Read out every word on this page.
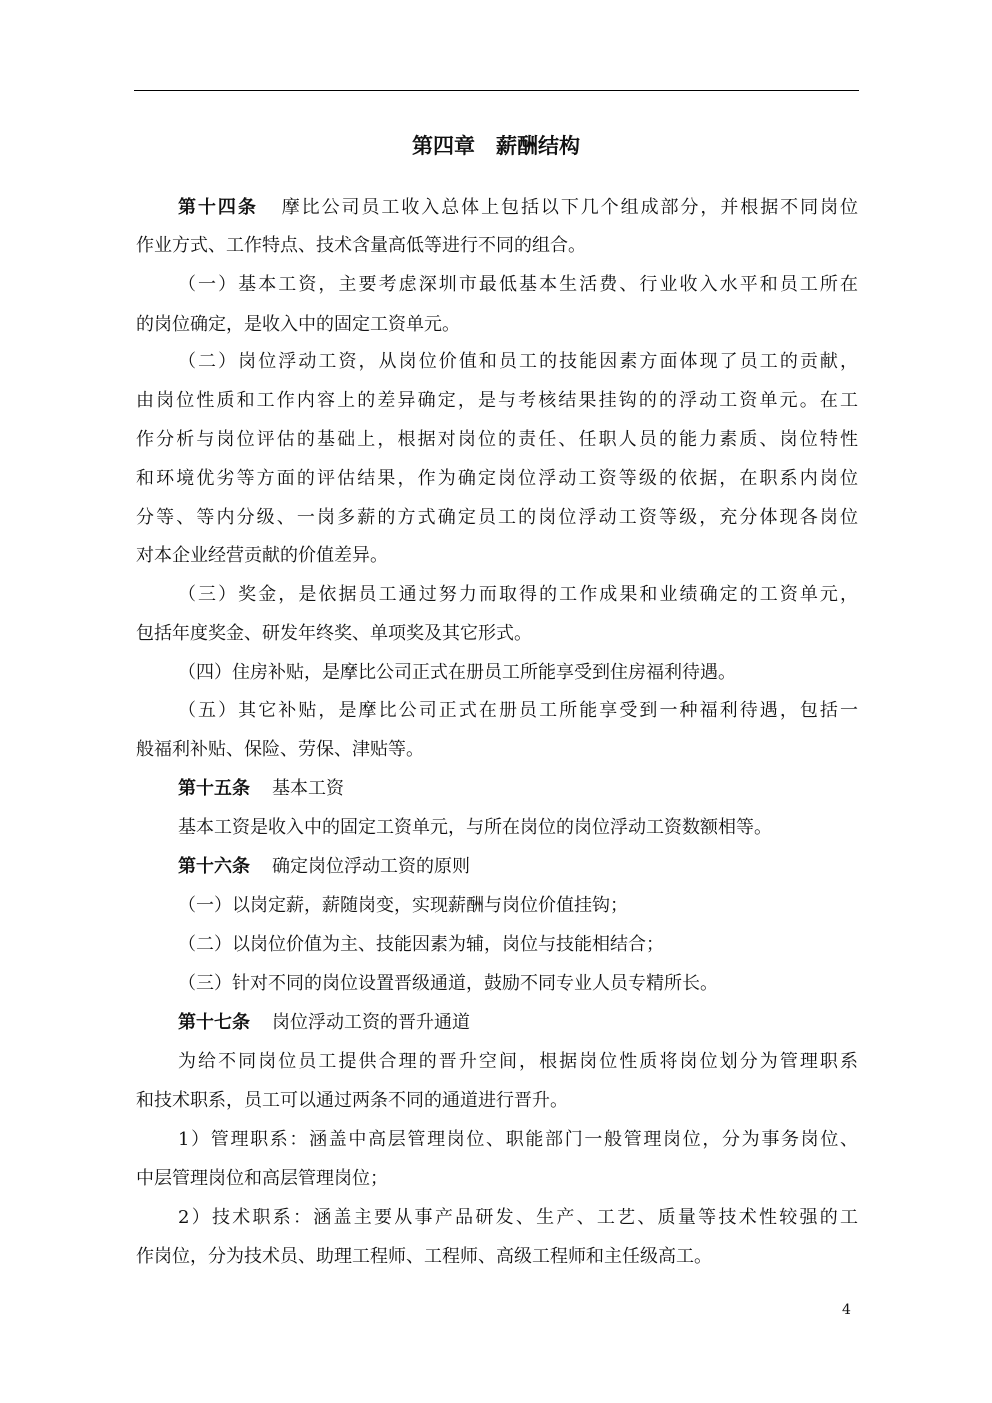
第四章　薪酬结构
第十四条 摩比公司员工收入总体上包括以下几个组成部分，并根据不同岗位
作业方式、工作特点、技术含量高低等进行不同的组合。
（一）基本工资，主要考虑深圳市最低基本生活费、行业收入水平和员工所在
的岗位确定，是收入中的固定工资单元。
（二）岗位浮动工资，从岗位价值和员工的技能因素方面体现了员工的贡献，
由岗位性质和工作内容上的差异确定，是与考核结果挂钩的的浮动工资单元。在工
作分析与岗位评估的基础上，根据对岗位的责任、任职人员的能力素质、岗位特性
和环境优劣等方面的评估结果，作为确定岗位浮动工资等级的依据，在职系内岗位
分等、等内分级、一岗多薪的方式确定员工的岗位浮动工资等级，充分体现各岗位
对本企业经营贡献的价值差异。
（三）奖金，是依据员工通过努力而取得的工作成果和业绩确定的工资单元，
包括年度奖金、研发年终奖、单项奖及其它形式。
（四）住房补贴，是摩比公司正式在册员工所能享受到住房福利待遇。
（五）其它补贴，是摩比公司正式在册员工所能享受到一种福利待遇，包括一
般福利补贴、保险、劳保、津贴等。
第十五条 基本工资
基本工资是收入中的固定工资单元，与所在岗位的岗位浮动工资数额相等。
第十六条 确定岗位浮动工资的原则
（一）以岗定薪，薪随岗变，实现薪酬与岗位价值挂钩；
（二）以岗位价值为主、技能因素为辅，岗位与技能相结合；
（三）针对不同的岗位设置晋级通道，鼓励不同专业人员专精所长。
第十七条 岗位浮动工资的晋升通道
为给不同岗位员工提供合理的晋升空间，根据岗位性质将岗位划分为管理职系
和技术职系，员工可以通过两条不同的通道进行晋升。
1）管理职系：涵盖中高层管理岗位、职能部门一般管理岗位，分为事务岗位、
中层管理岗位和高层管理岗位；
2）技术职系：涵盖主要从事产品研发、生产、工艺、质量等技术性较强的工
作岗位，分为技术员、助理工程师、工程师、高级工程师和主任级高工。
4
